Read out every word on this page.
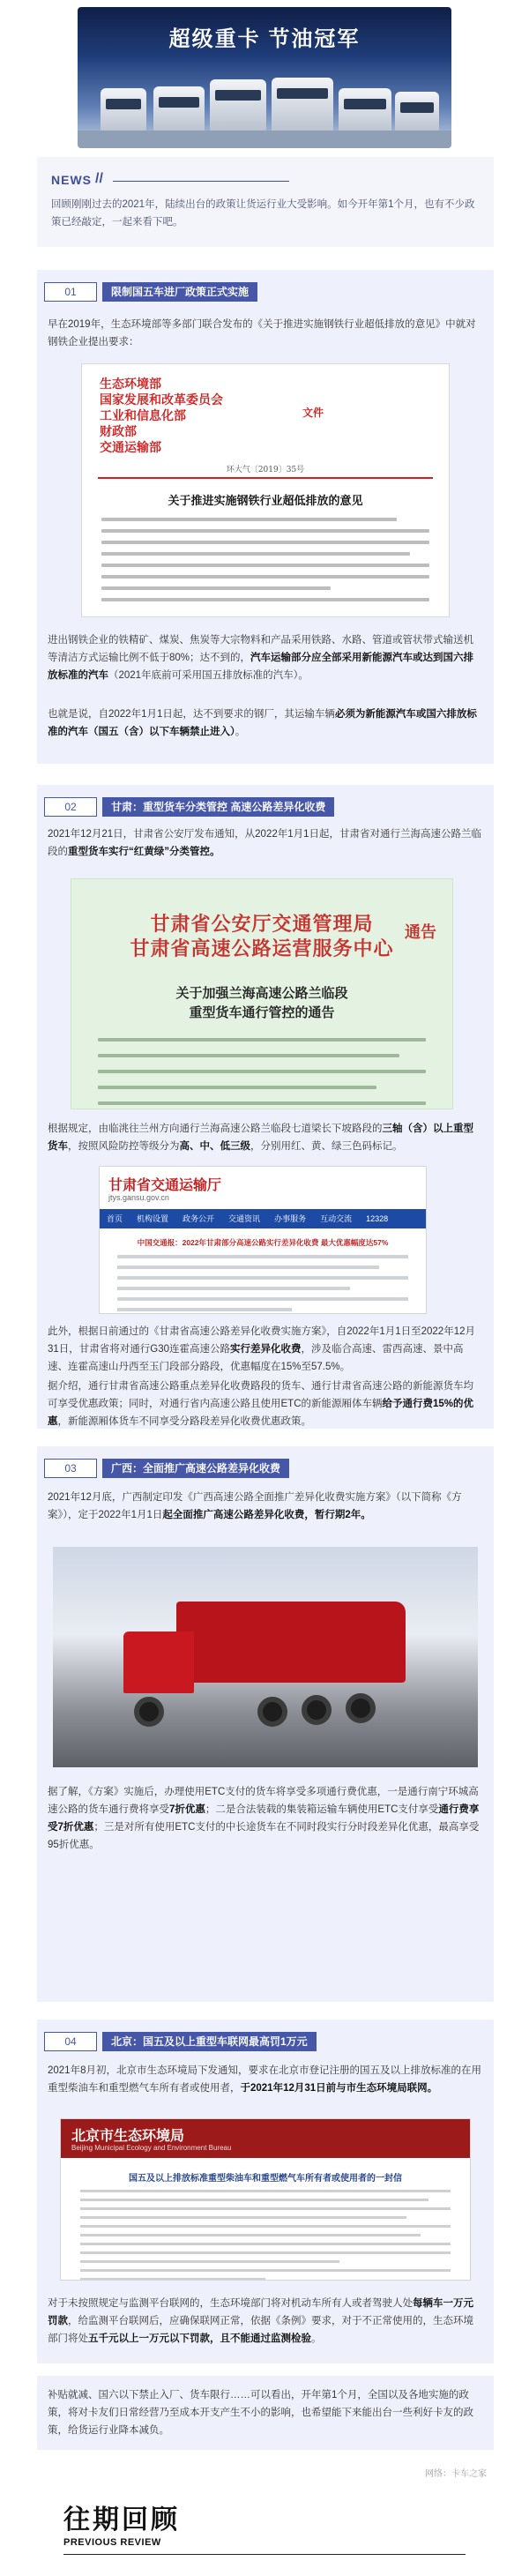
超级重卡 节油冠军
NEWS //
回顾刚刚过去的2021年，陆续出台的政策让货运行业大受影响。如今开年第1个月，也有不少政策已经敲定，一起来看下吧。
01	限制国五车进厂政策正式实施
早在2019年，生态环境部等多部门联合发布的《关于推进实施钢铁行业超低排放的意见》中就对钢铁企业提出要求：
生态环境部
国家发展和改革委员会
工业和信息化部
财政部
交通运输部
文件
环大气〔2019〕35号
关于推进实施钢铁行业超低排放的意见
进出钢铁企业的铁精矿、煤炭、焦炭等大宗物料和产品采用铁路、水路、管道或管状带式输送机等清洁方式运输比例不低于80%；达不到的，汽车运输部分应全部采用新能源汽车或达到国六排放标准的汽车（2021年底前可采用国五排放标准的汽车）。
也就是说，自2022年1月1日起，达不到要求的钢厂，其运输车辆必须为新能源汽车或国六排放标准的汽车（国五（含）以下车辆禁止进入）。
02	甘肃：重型货车分类管控 高速公路差异化收费
2021年12月21日，甘肃省公安厅发布通知，从2022年1月1日起，甘肃省对通行兰海高速公路兰临段的重型货车实行“红黄绿”分类管控。
甘肃省公安厅交通管理局
甘肃省高速公路运营服务中心
通告
关于加强兰海高速公路兰临段
重型货车通行管控的通告
根据规定，由临洮往兰州方向通行兰海高速公路兰临段七道梁长下坡路段的三轴（含）以上重型货车，按照风险防控等级分为高、中、低三级，分别用红、黄、绿三色码标记。
甘肃省交通运输厅
jtys.gansu.gov.cn
首页 机构设置 政务公开 交通资讯 办事服务 互动交流 12328
中国交通报：2022年甘肃部分高速公路实行差异化收费 最大优惠幅度达57%
此外，根据日前通过的《甘肃省高速公路差异化收费实施方案》，自2022年1月1日至2022年12月31日，甘肃省将对通行G30连霍高速公路实行差异化收费，涉及临合高速、雷西高速、景中高速、连霍高速山丹西至玉门段部分路段，优惠幅度在15%至57.5%。
据介绍，通行甘肃省高速公路重点差异化收费路段的货车、通行甘肃省高速公路的新能源货车均可享受优惠政策；同时，对通行省内高速公路且使用ETC的新能源厢体车辆给予通行费15%的优惠，新能源厢体货车不同享受分路段差异化收费优惠政策。
03	广西：全面推广高速公路差异化收费
2021年12月底，广西制定印发《广西高速公路全面推广差异化收费实施方案》（以下简称《方案》），定于2022年1月1日起全面推广高速公路差异化收费，暂行期2年。
据了解，《方案》实施后，办理使用ETC支付的货车将享受多项通行费优惠，一是通行南宁环城高速公路的货车通行费将享受7折优惠；二是合法装载的集装箱运输车辆使用ETC支付享受通行费享受7折优惠；三是对所有使用ETC支付的中长途货车在不同时段实行分时段差异化优惠，最高享受95折优惠。
04	北京：国五及以上重型车联网最高罚1万元
2021年8月初，北京市生态环境局下发通知，要求在北京市登记注册的国五及以上排放标准的在用重型柴油车和重型燃气车所有者或使用者，于2021年12月31日前与市生态环境局联网。
北京市生态环境局
Beijing Municipal Ecology and Environment Bureau
国五及以上排放标准重型柴油车和重型燃气车所有者或使用者的一封信
对于未按照规定与监测平台联网的，生态环境部门将对机动车所有人或者驾驶人处每辆车一万元罚款，给监测平台联网后，应确保联网正常，依据《条例》要求，对于不正常使用的，生态环境部门将处五千元以上一万元以下罚款，且不能通过监测检验。
补贴就减、国六以下禁止入厂、货车限行……可以看出，开年第1个月，全国以及各地实施的政策，将对卡友们日常经营乃至成本开支产生不小的影响，也希望能下来能出台一些利好卡友的政策，给货运行业降本减负。
网络：卡车之家
往期回顾
PREVIOUS REVIEW
